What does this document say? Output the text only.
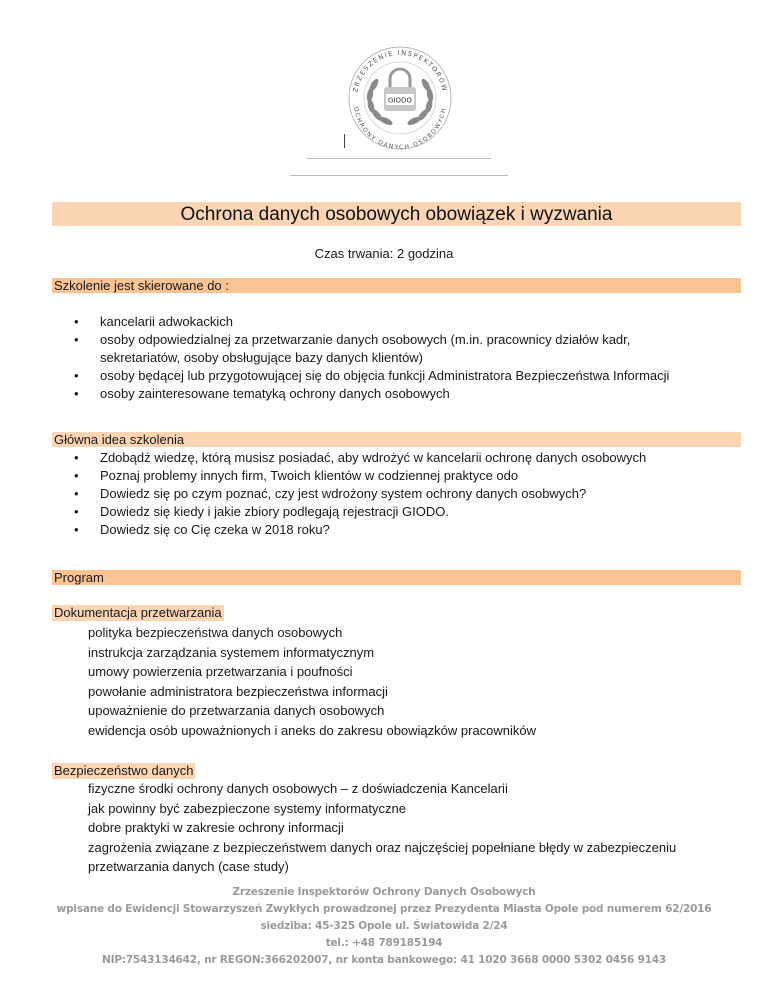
ZRZESZENIE INSPEKTORÓW
OCHRONY DANYCH OSOBOWYCH
GIODO
Ochrona danych osobowych obowiązek i wyzwania
Czas trwania: 2 godzina
Szkolenie jest skierowane do :
• kancelarii adwokackich
• osoby odpowiedzialnej za przetwarzanie danych osobowych (m.in. pracownicy działów kadr,
sekretariatów, osoby obsługujące bazy danych klientów)
• osoby będącej lub przygotowującej się do objęcia funkcji Administratora Bezpieczeństwa Informacji
• osoby zainteresowane tematyką ochrony danych osobowych
Główna idea szkolenia
• Zdobądź wiedzę, którą musisz posiadać, aby wdrożyć w kancelarii ochronę danych osobowych
• Poznaj problemy innych firm, Twoich klientów w codziennej praktyce odo
• Dowiedz się po czym poznać, czy jest wdrożony system ochrony danych osobwych?
• Dowiedz się kiedy i jakie zbiory podlegają rejestracji GIODO.
• Dowiedz się co Cię czeka w 2018 roku?
Program
Dokumentacja przetwarzania
polityka bezpieczeństwa danych osobowych
instrukcja zarządzania systemem informatycznym
umowy powierzenia przetwarzania i poufności
powołanie administratora bezpieczeństwa informacji
upoważnienie do przetwarzania danych osobowych
ewidencja osób upoważnionych i aneks do zakresu obowiązków pracowników
Bezpieczeństwo danych
fizyczne środki ochrony danych osobowych – z doświadczenia Kancelarii
jak powinny być zabezpieczone systemy informatyczne
dobre praktyki w zakresie ochrony informacji
zagrożenia związane z bezpieczeństwem danych oraz najczęściej popełniane błędy w zabezpieczeniu
przetwarzania danych (case study)
Zrzeszenie Inspektorów Ochrony Danych Osobowych
wpisane do Ewidencji Stowarzyszeń Zwykłych prowadzonej przez Prezydenta Miasta Opole pod numerem 62/2016
siedziba: 45-325 Opole ul. Światowida 2/24
tel.: +48 789185194
NIP:7543134642, nr REGON:366202007, nr konta bankowego: 41 1020 3668 0000 5302 0456 9143
